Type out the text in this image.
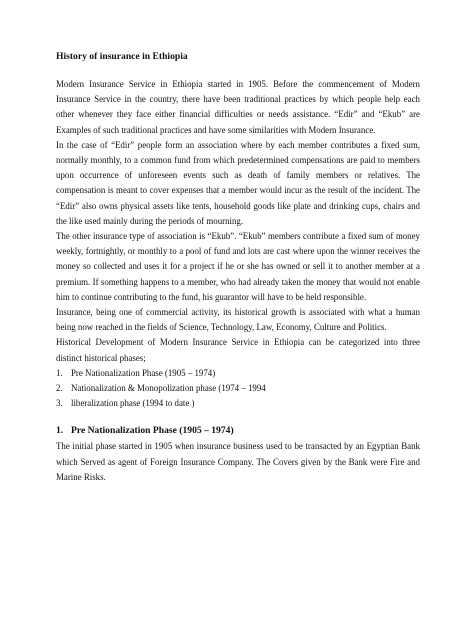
History of insurance in Ethiopia

Modern Insurance Service in Ethiopia started in 1905. Before the commencement of Modern Insurance Service in the country, there have been traditional practices by which people help each other whenever they face either financial difficulties or needs assistance. “Edir” and “Ekub” are Examples of such traditional practices and have some similarities with Modern Insurance.

In the case of “Edir” people form an association where by each member contributes a fixed sum, normally monthly, to a common fund from which predetermined compensations are paid to members upon occurrence of unforeseen events such as death of family members or relatives. The compensation is meant to cover expenses that a member would incur as the result of the incident. The “Edir” also owns physical assets like tents, household goods like plate and drinking cups, chairs and the like used mainly during the periods of mourning.

The other insurance type of association is “Ekub”. “Ekub” members contribute a fixed sum of money weekly, fortnightly, or monthly to a pool of fund and lots are cast where upon the winner receives the money so collected and uses it for a project if he or she has owned or sell it to another member at a premium. If something happens to a member, who had already taken the money that would not enable him to continue contributing to the fund, his guarantor will have to be held responsible.

Insurance, being one of commercial activity, its historical growth is associated with what a human being now reached in the fields of Science, Technology, Law, Economy, Culture and Politics.

Historical Development of Modern Insurance Service in Ethiopia can be categorized into three distinct historical phases;

1. Pre Nationalization Phase (1905 – 1974)
2. Nationalization & Monopolization phase (1974 – 1994
3. liberalization phase (1994 to date )
1. Pre Nationalization Phase (1905 – 1974)

The initial phase started in 1905 when insurance business used to be transacted by an Egyptian Bank which Served as agent of Foreign Insurance Company. The Covers given by the Bank were Fire and Marine Risks.
